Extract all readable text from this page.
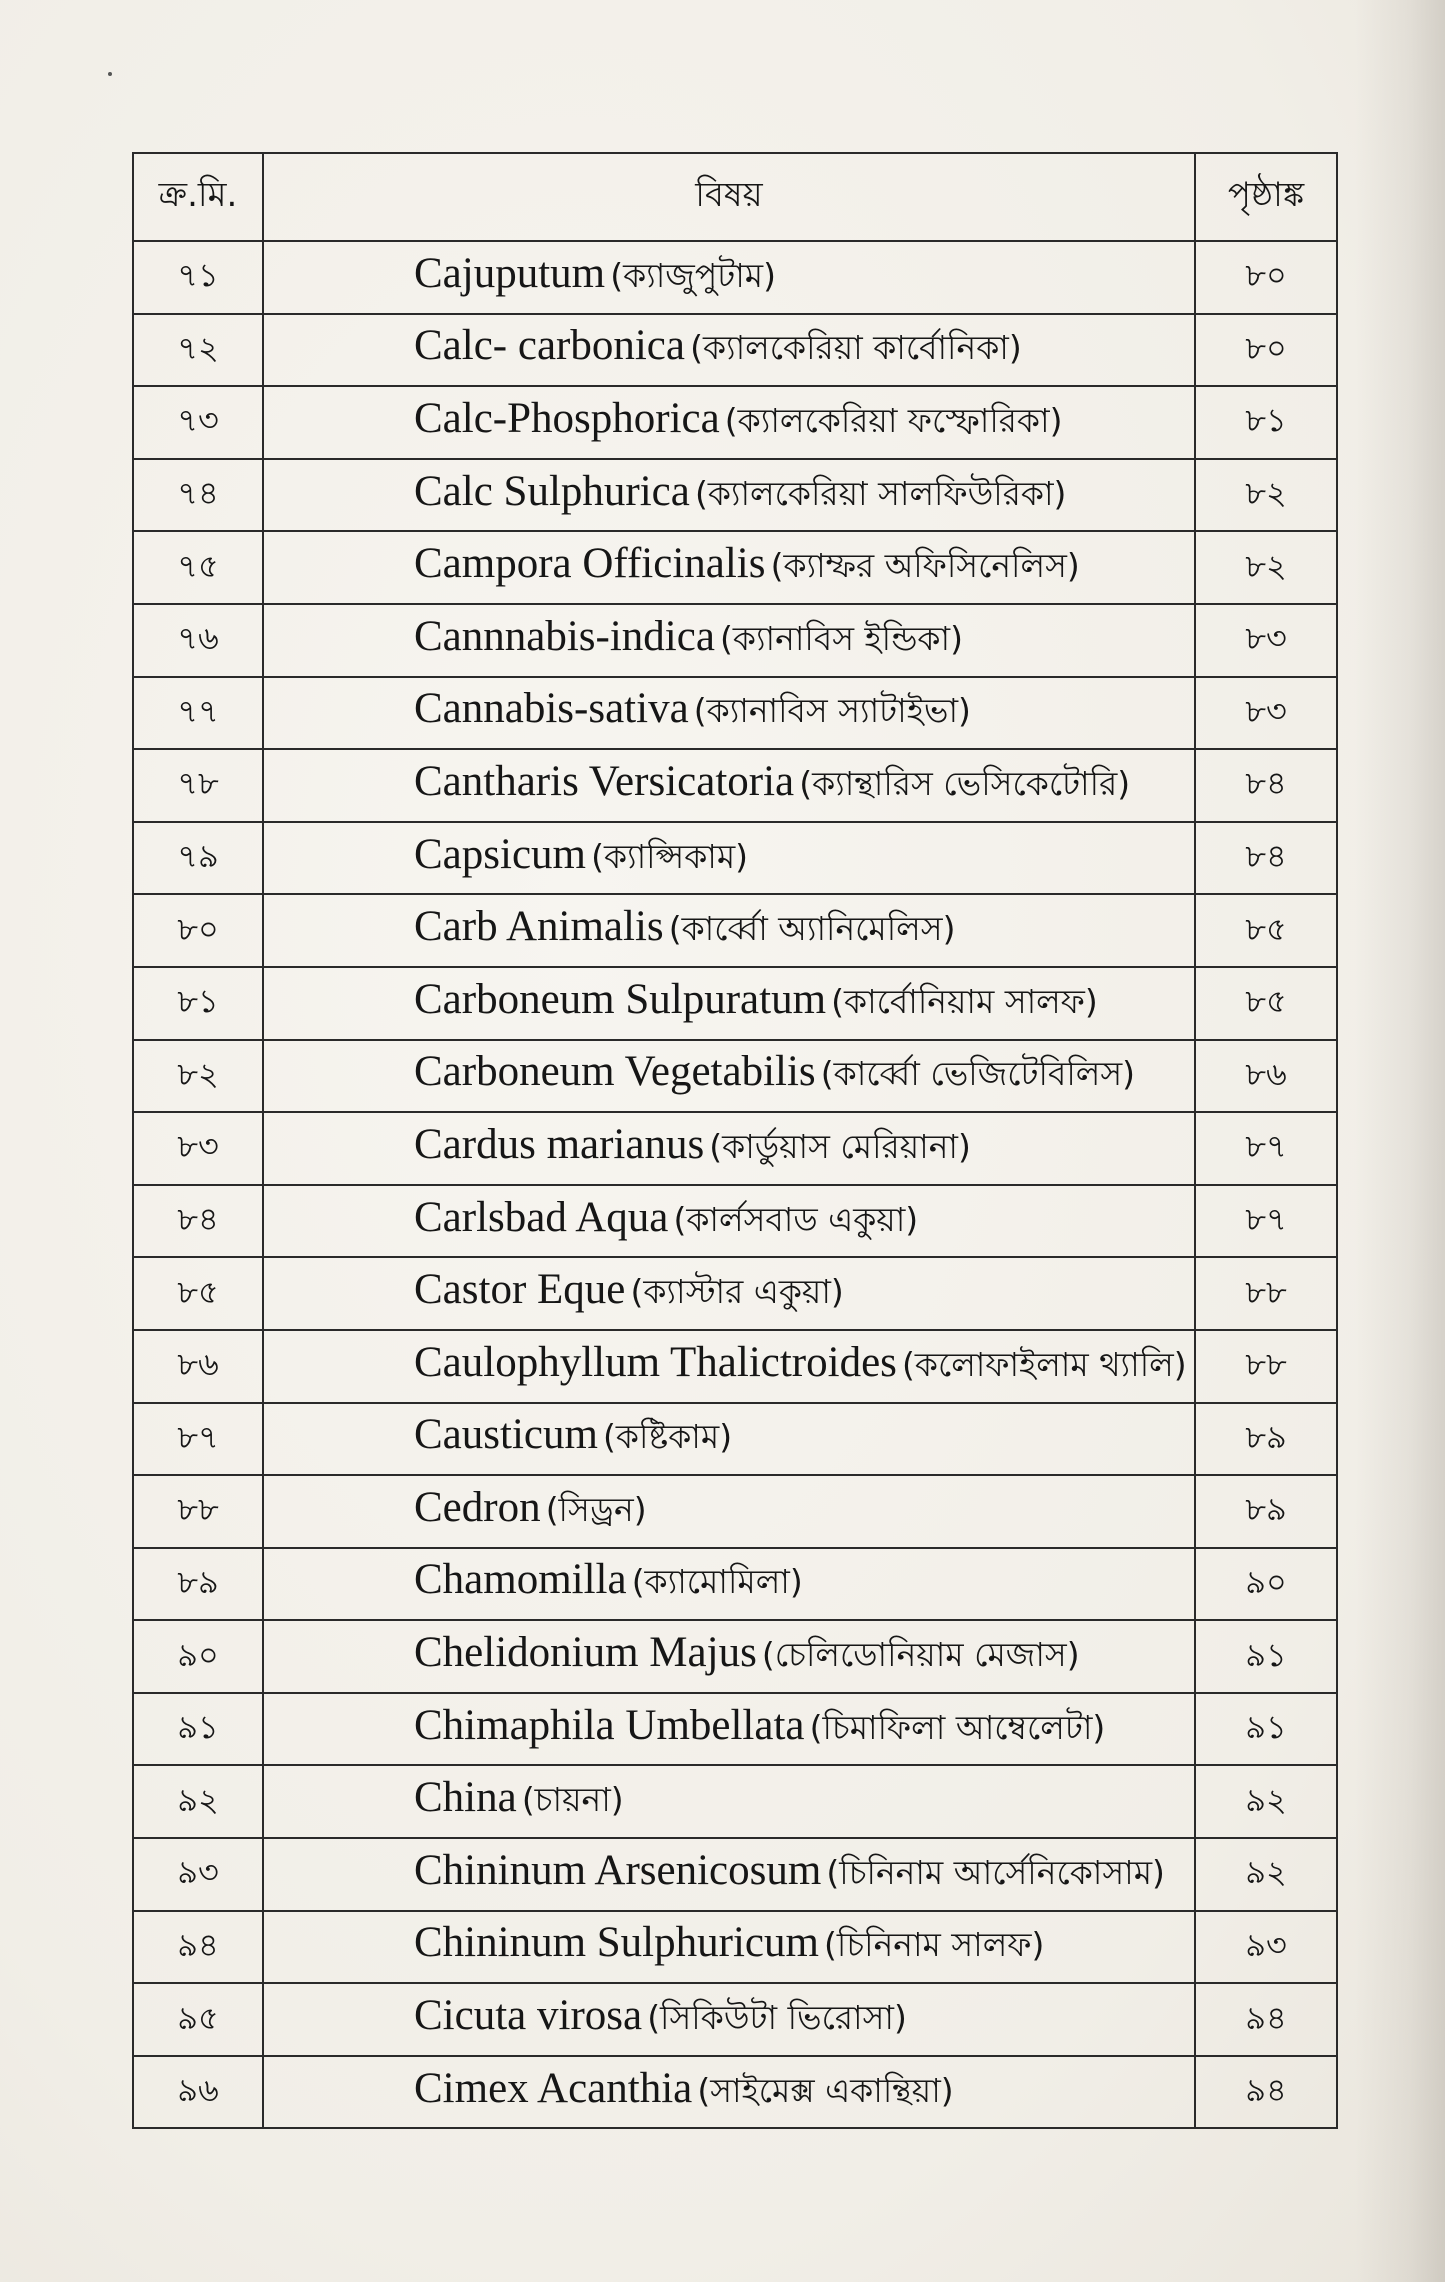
ক্র.মি.	বিষয়	পৃষ্ঠাঙ্ক
৭১	Cajuputum (ক্যাজুপুটাম)	৮০
৭২	Calc- carbonica (ক্যালকেরিয়া কার্বোনিকা)	৮০
৭৩	Calc-Phosphorica (ক্যালকেরিয়া ফস্ফোরিকা)	৮১
৭৪	Calc Sulphurica (ক্যালকেরিয়া সালফিউরিকা)	৮২
৭৫	Campora Officinalis (ক্যাম্ফর অফিসিনেলিস)	৮২
৭৬	Cannnabis-indica (ক্যানাবিস ইন্ডিকা)	৮৩
৭৭	Cannabis-sativa (ক্যানাবিস স্যাটাইভা)	৮৩
৭৮	Cantharis Versicatoria (ক্যান্থারিস ভেসিকেটোরি)	৮৪
৭৯	Capsicum (ক্যাপ্সিকাম)	৮৪
৮০	Carb Animalis (কার্ব্বো অ্যানিমেলিস)	৮৫
৮১	Carboneum Sulpuratum (কার্বোনিয়াম সালফ)	৮৫
৮২	Carboneum Vegetabilis (কার্ব্বো ভেজিটেবিলিস)	৮৬
৮৩	Cardus marianus (কার্ডুয়াস মেরিয়ানা)	৮৭
৮৪	Carlsbad Aqua (কার্লসবাড একুয়া)	৮৭
৮৫	Castor Eque (ক্যাস্টার একুয়া)	৮৮
৮৬	Caulophyllum Thalictroides (কলোফাইলাম থ্যালি)	৮৮
৮৭	Causticum (কষ্টিকাম)	৮৯
৮৮	Cedron (সিড্রন)	৮৯
৮৯	Chamomilla (ক্যামোমিলা)	৯০
৯০	Chelidonium Majus (চেলিডোনিয়াম মেজাস)	৯১
৯১	Chimaphila Umbellata (চিমাফিলা আম্বেলেটা)	৯১
৯২	China (চায়না)	৯২
৯৩	Chininum Arsenicosum (চিনিনাম আর্সেনিকোসাম)	৯২
৯৪	Chininum Sulphuricum (চিনিনাম সালফ)	৯৩
৯৫	Cicuta virosa (সিকিউটা ভিরোসা)	৯৪
৯৬	Cimex Acanthia (সাইমেক্স একান্থিয়া)	৯৪
